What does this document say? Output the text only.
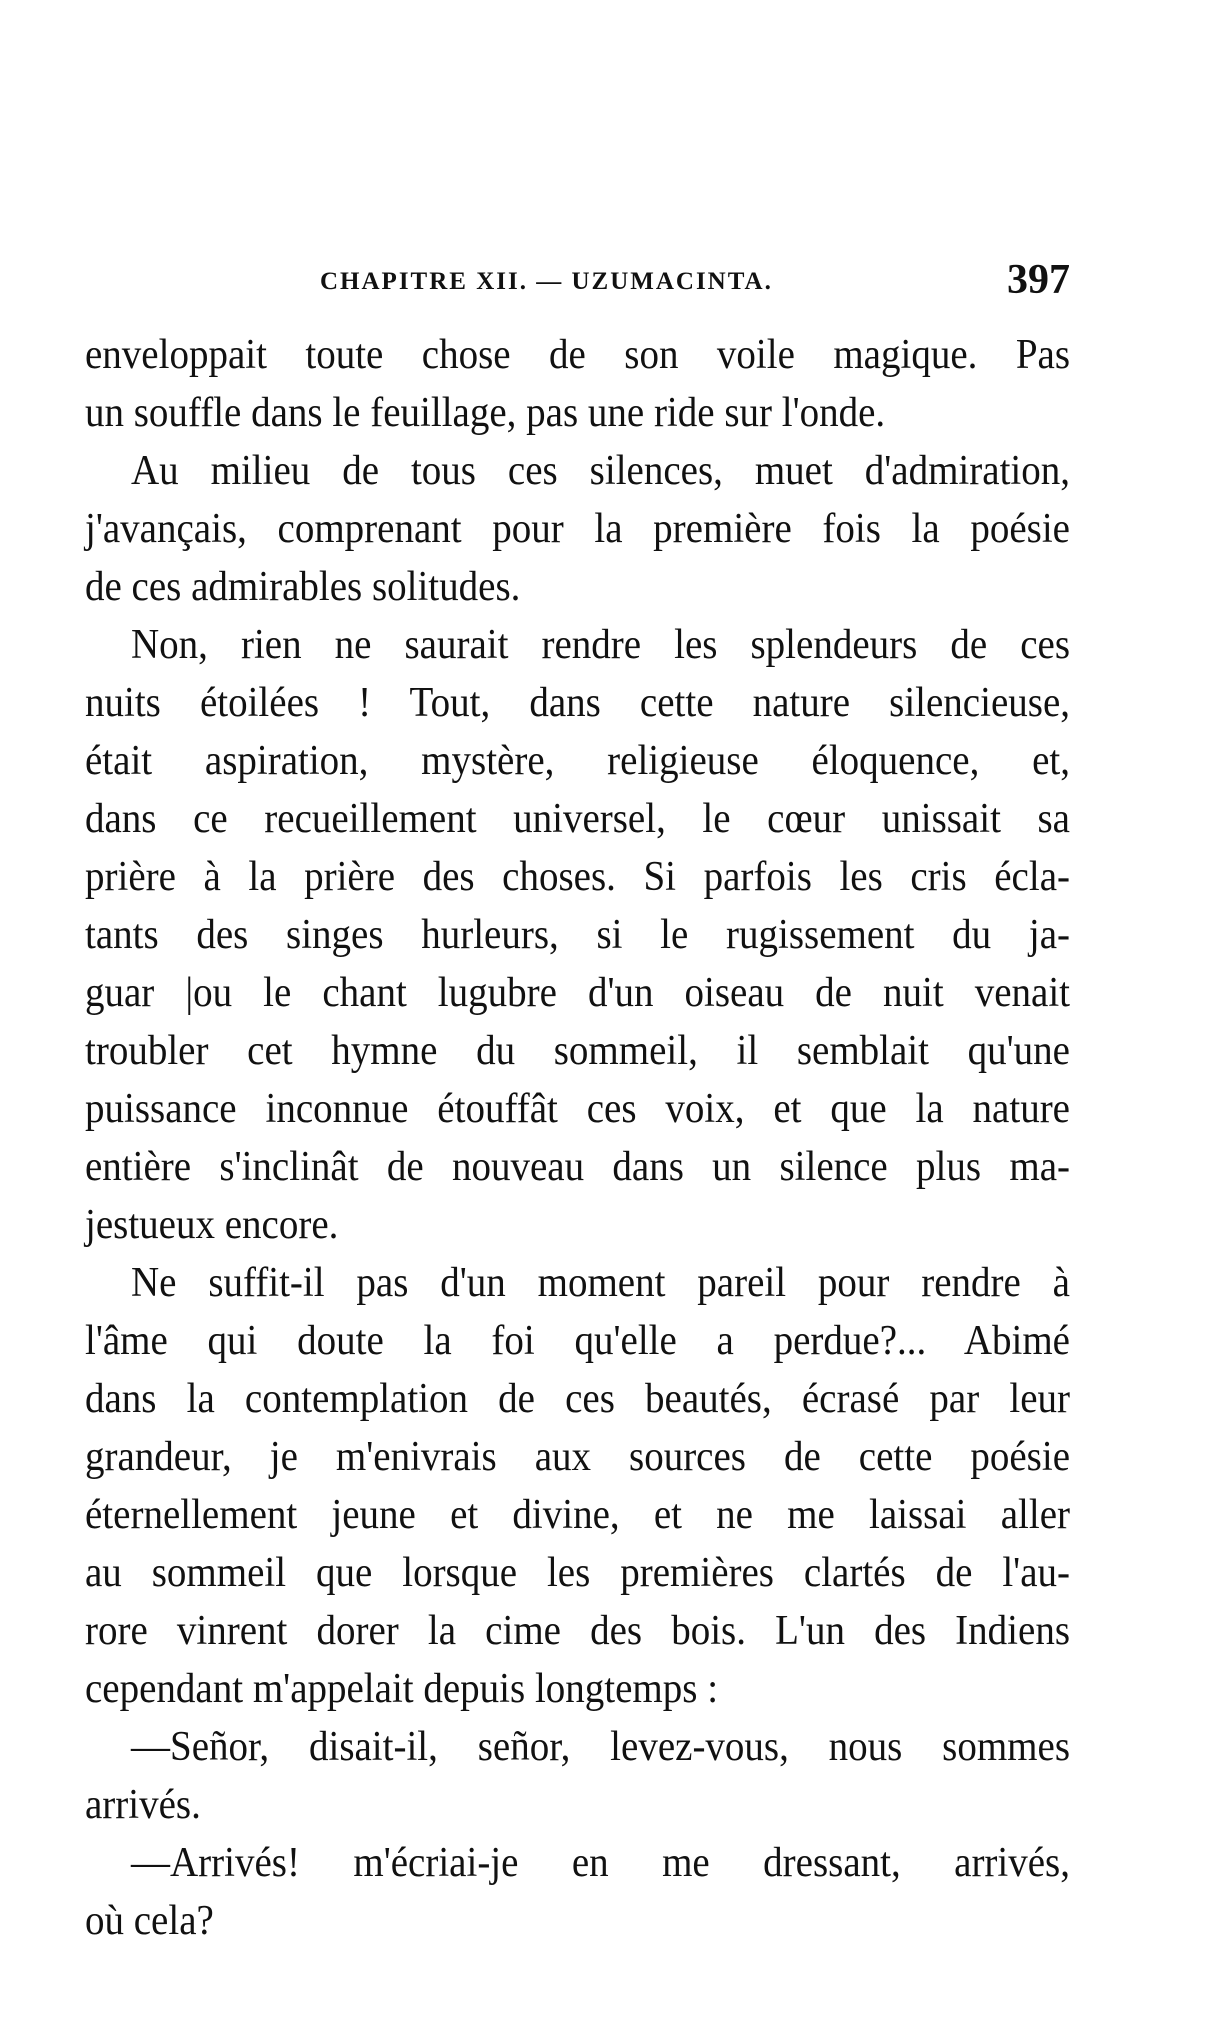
CHAPITRE XII. — UZUMACINTA.	397
enveloppait toute chose de son voile magique. Pas
un souffle dans le feuillage, pas une ride sur l'onde.
Au milieu de tous ces silences, muet d'admiration,
j'avançais, comprenant pour la première fois la poésie
de ces admirables solitudes.
Non, rien ne saurait rendre les splendeurs de ces
nuits étoilées ! Tout, dans cette nature silencieuse,
était aspiration, mystère, religieuse éloquence, et,
dans ce recueillement universel, le cœur unissait sa
prière à la prière des choses. Si parfois les cris écla-
tants des singes hurleurs, si le rugissement du ja-
guar |ou le chant lugubre d'un oiseau de nuit venait
troubler cet hymne du sommeil, il semblait qu'une
puissance inconnue étouffât ces voix, et que la nature
entière s'inclinât de nouveau dans un silence plus ma-
jestueux encore.
Ne suffit-il pas d'un moment pareil pour rendre à
l'âme qui doute la foi qu'elle a perdue?... Abimé
dans la contemplation de ces beautés, écrasé par leur
grandeur, je m'enivrais aux sources de cette poésie
éternellement jeune et divine, et ne me laissai aller
au sommeil que lorsque les premières clartés de l'au-
rore vinrent dorer la cime des bois. L'un des Indiens
cependant m'appelait depuis longtemps :
—Señor, disait-il, señor, levez-vous, nous sommes
arrivés.
—Arrivés! m'écriai-je en me dressant, arrivés,
où cela?
